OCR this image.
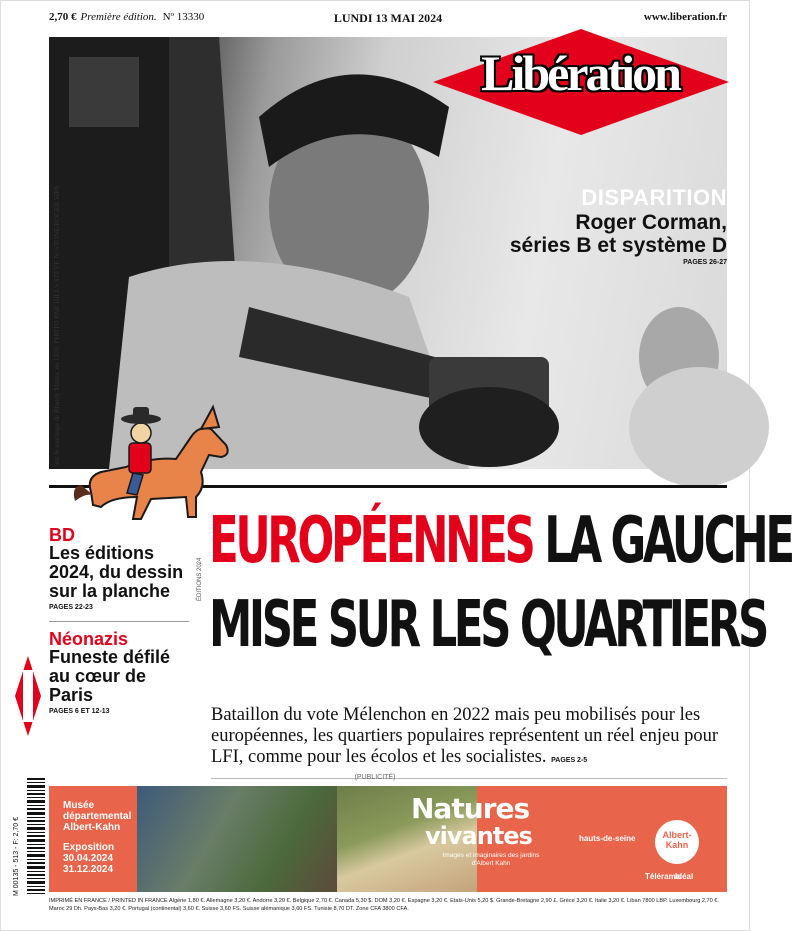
2,70 € Première édition. Nº 13330	LUNDI 13 MAI 2024	www.liberation.fr
Sur le tournage de Bloody Mama, en 1970. PHOTO PAR HILLS STEVE N/ STONE/ROGER SIPA
Libération
DISPARITION
Roger Corman,
séries B et système D
PAGES 26-27
BD
Les éditions 2024, du dessin sur la planche
PAGES 22-23
Néonazis
Funeste défilé au cœur de Paris
PAGES 6 ET 12-13
ÉDITIONS 2024
EUROPÉENNES LA GAUCHE
MISE SUR LES QUARTIERS
Bataillon du vote Mélenchon en 2022 mais peu mobilisés pour les européennes, les quartiers populaires représentent un réel enjeu pour LFI, comme pour les écolos et les socialistes. PAGES 2-5
(PUBLICITÉ)
M 00135 - 513 - F: 2,70 €
Musée départemental Albert-Kahn
Exposition
30.04.2024
31.12.2024
Natures
vivantes
Images et imaginaires des jardins d'Albert Kahn
hauts-de-seine	Albert-Kahn
Télérama
Idéal
IMPRIMÉ EN FRANCE / PRINTED IN FRANCE Algérie 1,80 €. Allemagne 3,20 €. Andorre 3,20 €. Belgique 2,70 €. Canada 5,30 $. DOM 3,20 €. Espagne 3,20 €. Etats-Unis 5,20 $. Grande-Bretagne 2,90 £. Grèce 3,20 €. Italie 3,20 €. Liban 7800 LBP. Luxembourg 2,70 €. Maroc 29 Dh. Pays-Bas 3,20 €. Portugal (continental) 3,60 €. Suisse 3,60 FS. Suisse alémanique 3,60 FS. Tunisie 8,70 DT. Zone CFA 3800 CFA.
